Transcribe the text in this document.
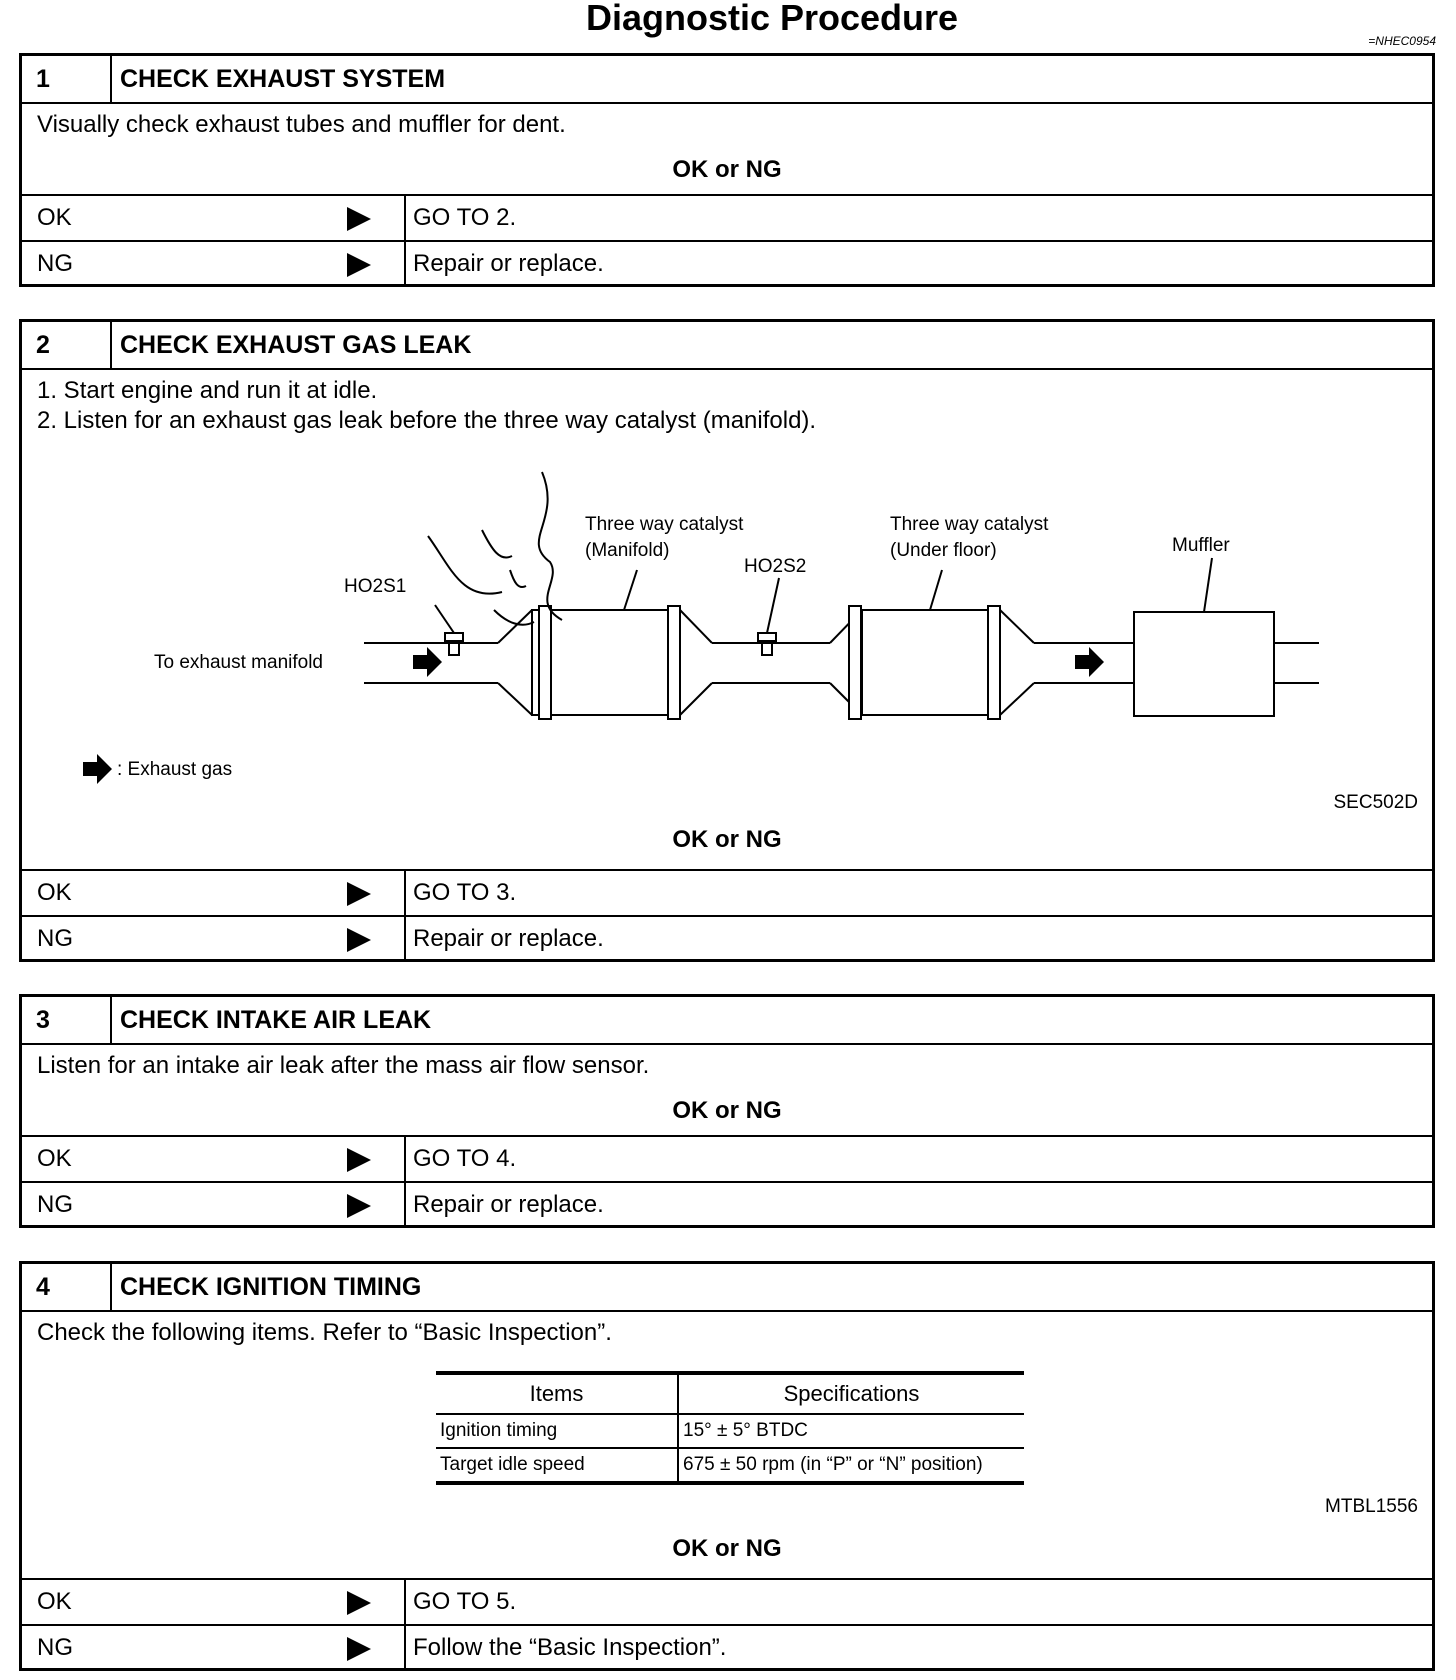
Diagnostic Procedure
=NHEC0954
1	CHECK EXHAUST SYSTEM
Visually check exhaust tubes and muffler for dent.
OK or NG
OK	GO TO 2.
NG	Repair or replace.
2	CHECK EXHAUST GAS LEAK
1. Start engine and run it at idle.
2. Listen for an exhaust gas leak before the three way catalyst (manifold).
To exhaust manifold
HO2S1
HO2S2
Three way catalyst
(Manifold)
Three way catalyst
(Under floor)	Muffler
: Exhaust gas
SEC502D
OK or NG
OK	GO TO 3.
NG	Repair or replace.
3	CHECK INTAKE AIR LEAK
Listen for an intake air leak after the mass air flow sensor.
OK or NG
OK	GO TO 4.
NG	Repair or replace.
4	CHECK IGNITION TIMING
Check the following items. Refer to “Basic Inspection”.
Items	Specifications
Ignition timing	15° ± 5° BTDC
Target idle speed	675 ± 50 rpm (in “P” or “N” position)
MTBL1556
OK or NG
OK	GO TO 5.
NG	Follow the “Basic Inspection”.
